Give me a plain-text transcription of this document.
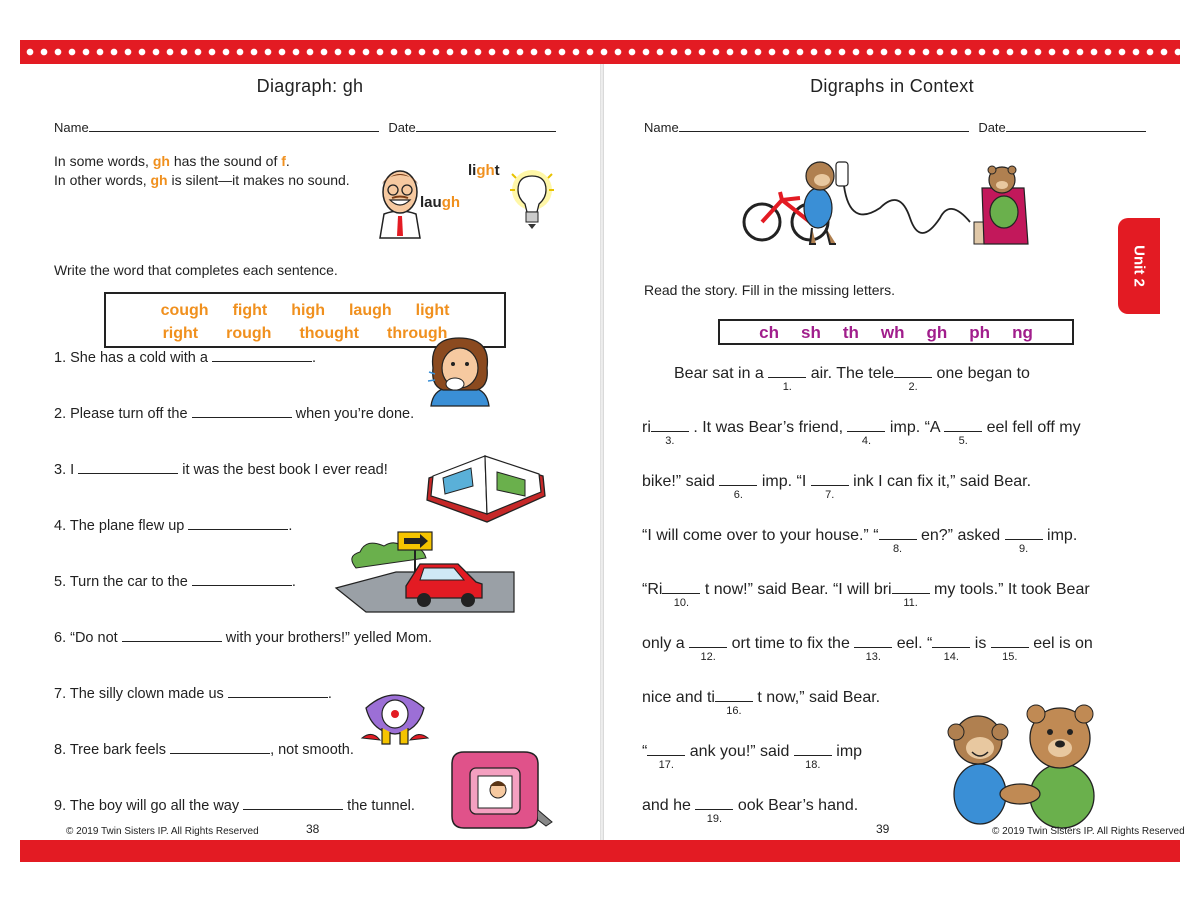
Diagraph: gh
Name	Date
In some words, gh has the sound of f.
In other words, gh is silent—it makes no sound.
light
laugh
Write the word that completes each sentence.
cough fight high laugh light
right rough thought through
1. She has a cold with a	.
2. Please turn off the	when you’re done.
3. I	it was the best book I ever read!
4. The plane flew up	.
5. Turn the car to the	.
6. “Do not	with your brothers!” yelled Mom.
7. The silly clown made us	.
8. Tree bark feels	, not smooth.
9. The boy will go all the way	the tunnel.
© 2019 Twin Sisters IP. All Rights Reserved	38
Digraphs in Context
Name	Date
Read the story. Fill in the missing letters.
ch sh th wh gh ph ng
Bear sat in a
1.
air. The tele
2.
one began to
ri
3.
. It was Bear’s friend,
4.
imp. “A
5.
eel fell off my
bike!” said
6.
imp. “I
7.
ink I can fix it,” said Bear.
“I will come over to your house.” “
8.
en?” asked
9.
imp.
“Ri
10.
t now!” said Bear. “I will bri
11.
my tools.” It took Bear
only a
12.
ort time to fix the
13.
eel. “
14.
is
15.
eel is on
nice and ti
16.
t now,” said Bear.
“
17.
ank you!” said
18.
imp
and he
19.
ook Bear’s hand.
39	© 2019 Twin Sisters IP. All Rights Reserved
Unit 2
